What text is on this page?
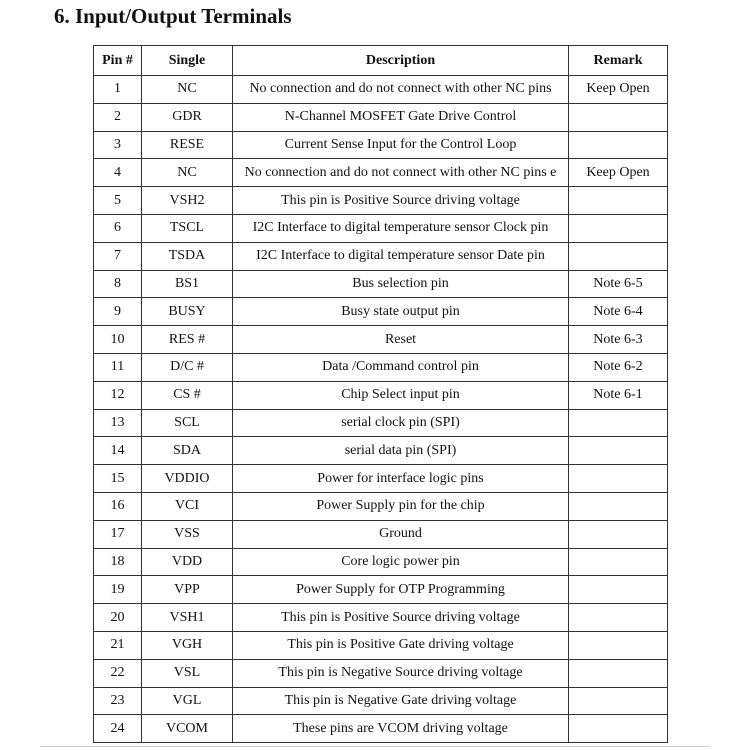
6. Input/Output Terminals
Pin #	Single	Description	Remark
1	NC	No connection and do not connect with other NC pins	Keep Open
2	GDR	N-Channel MOSFET Gate Drive Control	
3	RESE	Current Sense Input for the Control Loop	
4	NC	No connection and do not connect with other NC pins e	Keep Open
5	VSH2	This pin is Positive Source driving voltage	
6	TSCL	I2C Interface to digital temperature sensor Clock pin	
7	TSDA	I2C Interface to digital temperature sensor Date pin	
8	BS1	Bus selection pin	Note 6-5
9	BUSY	Busy state output pin	Note 6-4
10	RES #	Reset	Note 6-3
11	D/C #	Data /Command control pin	Note 6-2
12	CS #	Chip Select input pin	Note 6-1
13	SCL	serial clock pin (SPI)	
14	SDA	serial data pin (SPI)	
15	VDDIO	Power for interface logic pins	
16	VCI	Power Supply pin for the chip	
17	VSS	Ground	
18	VDD	Core logic power pin	
19	VPP	Power Supply for OTP Programming	
20	VSH1	This pin is Positive Source driving voltage	
21	VGH	This pin is Positive Gate driving voltage	
22	VSL	This pin is Negative Source driving voltage	
23	VGL	This pin is Negative Gate driving voltage	
24	VCOM	These pins are VCOM driving voltage	
